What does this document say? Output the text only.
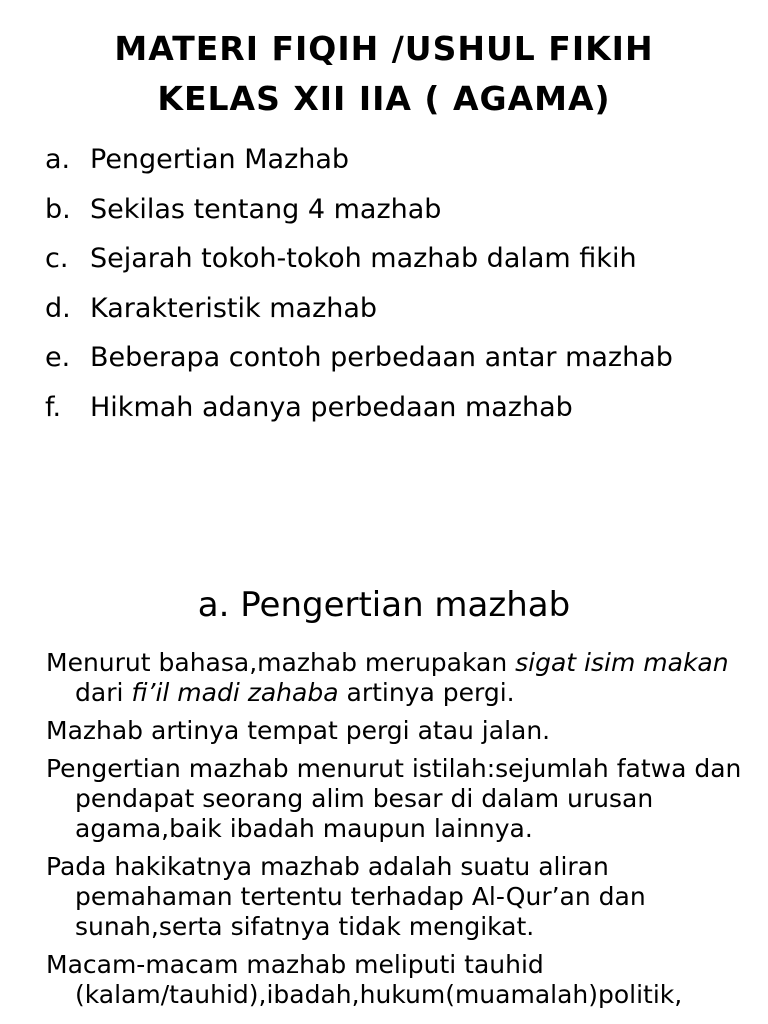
MATERI FIQIH /USHUL FIKIH
KELAS XII IIA ( AGAMA)
a. Pengertian Mazhab
b. Sekilas tentang 4 mazhab
c. Sejarah tokoh-tokoh mazhab dalam fikih
d. Karakteristik mazhab
e. Beberapa contoh perbedaan antar mazhab
f. Hikmah adanya perbedaan mazhab
a. Pengertian mazhab

Menurut bahasa,mazhab merupakan sigat isim makan dari fi’il madi zahaba artinya pergi.

Mazhab artinya tempat pergi atau jalan.

Pengertian mazhab menurut istilah:sejumlah fatwa dan pendapat seorang alim besar di dalam urusan agama,baik ibadah maupun lainnya.

Pada hakikatnya mazhab adalah suatu aliran pemahaman tertentu terhadap Al-Qur’an dan sunah,serta sifatnya tidak mengikat.

Macam-macam mazhab meliputi tauhid (kalam/tauhid),ibadah,hukum(muamalah)politik,
